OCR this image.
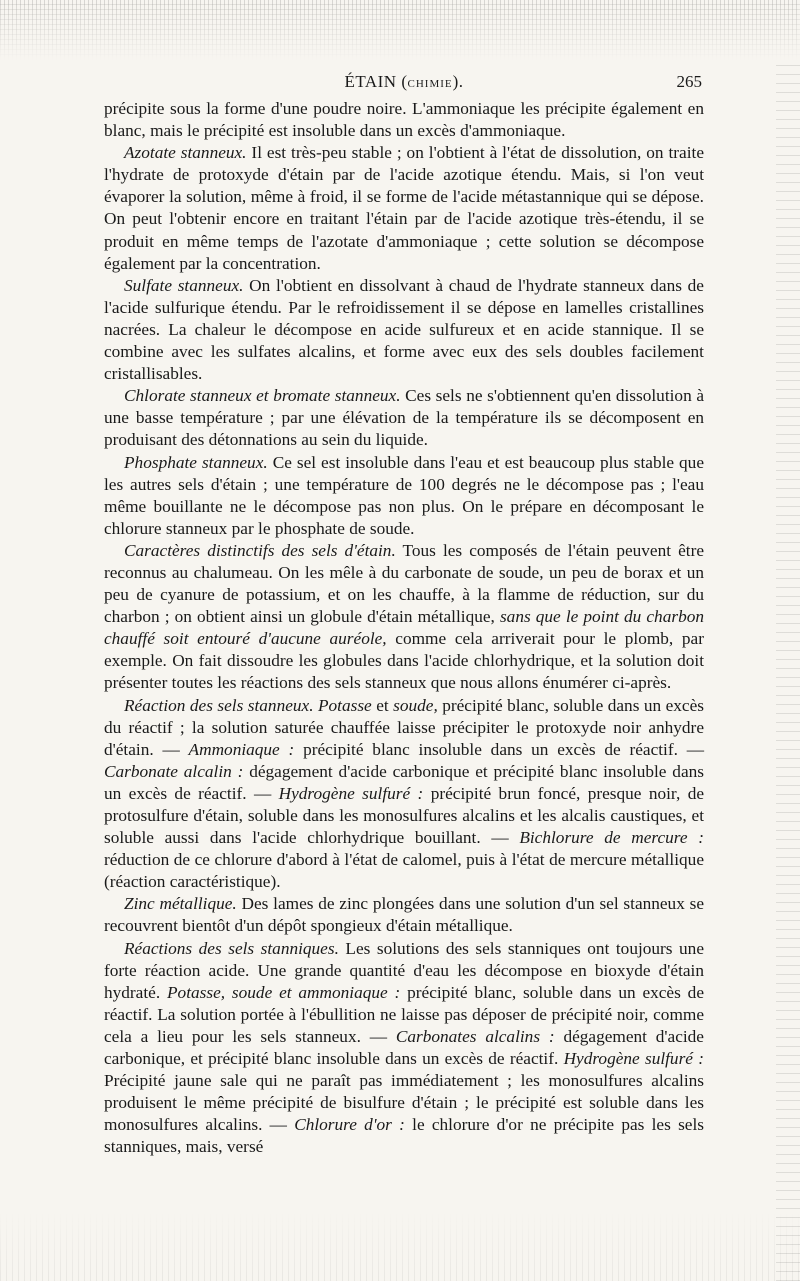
ÉTAIN (CHIMIE).	265

précipite sous la forme d'une poudre noire. L'ammoniaque les précipite également en blanc, mais le précipité est insoluble dans un excès d'ammoniaque.

Azotate stanneux. Il est très-peu stable ; on l'obtient à l'état de dissolution, on traite l'hydrate de protoxyde d'étain par de l'acide azotique étendu. Mais, si l'on veut évaporer la solution, même à froid, il se forme de l'acide métastannique qui se dépose. On peut l'obtenir encore en traitant l'étain par de l'acide azotique très-étendu, il se produit en même temps de l'azotate d'ammoniaque ; cette solution se décompose également par la concentration.

Sulfate stanneux. On l'obtient en dissolvant à chaud de l'hydrate stanneux dans de l'acide sulfurique étendu. Par le refroidissement il se dépose en lamelles cristallines nacrées. La chaleur le décompose en acide sulfureux et en acide stannique. Il se combine avec les sulfates alcalins, et forme avec eux des sels doubles facilement cristallisables.

Chlorate stanneux et bromate stanneux. Ces sels ne s'obtiennent qu'en dissolution à une basse température ; par une élévation de la température ils se décomposent en produisant des détonnations au sein du liquide.

Phosphate stanneux. Ce sel est insoluble dans l'eau et est beaucoup plus stable que les autres sels d'étain ; une température de 100 degrés ne le décompose pas ; l'eau même bouillante ne le décompose pas non plus. On le prépare en décomposant le chlorure stanneux par le phosphate de soude.

Caractères distinctifs des sels d'étain. Tous les composés de l'étain peuvent être reconnus au chalumeau. On les mêle à du carbonate de soude, un peu de borax et un peu de cyanure de potassium, et on les chauffe, à la flamme de réduction, sur du charbon ; on obtient ainsi un globule d'étain métallique, sans que le point du charbon chauffé soit entouré d'aucune auréole, comme cela arriverait pour le plomb, par exemple. On fait dissoudre les globules dans l'acide chlorhydrique, et la solution doit présenter toutes les réactions des sels stanneux que nous allons énumérer ci-après.

Réaction des sels stanneux. Potasse et soude, précipité blanc, soluble dans un excès du réactif ; la solution saturée chauffée laisse précipiter le protoxyde noir anhydre d'étain. — Ammoniaque : précipité blanc insoluble dans un excès de réactif. — Carbonate alcalin : dégagement d'acide carbonique et précipité blanc insoluble dans un excès de réactif. — Hydrogène sulfuré : précipité brun foncé, presque noir, de protosulfure d'étain, soluble dans les monosulfures alcalins et les alcalis caustiques, et soluble aussi dans l'acide chlorhydrique bouillant. — Bichlorure de mercure : réduction de ce chlorure d'abord à l'état de calomel, puis à l'état de mercure métallique (réaction caractéristique).

Zinc métallique. Des lames de zinc plongées dans une solution d'un sel stanneux se recouvrent bientôt d'un dépôt spongieux d'étain métallique.

Réactions des sels stanniques. Les solutions des sels stanniques ont toujours une forte réaction acide. Une grande quantité d'eau les décompose en bioxyde d'étain hydraté. Potasse, soude et ammoniaque : précipité blanc, soluble dans un excès de réactif. La solution portée à l'ébullition ne laisse pas déposer de précipité noir, comme cela a lieu pour les sels stanneux. — Carbonates alcalins : dégagement d'acide carbonique, et précipité blanc insoluble dans un excès de réactif. Hydrogène sulfuré : Précipité jaune sale qui ne paraît pas immédiatement ; les monosulfures alcalins produisent le même précipité de bisulfure d'étain ; le précipité est soluble dans les monosulfures alcalins. — Chlorure d'or : le chlorure d'or ne précipite pas les sels stanniques, mais, versé
